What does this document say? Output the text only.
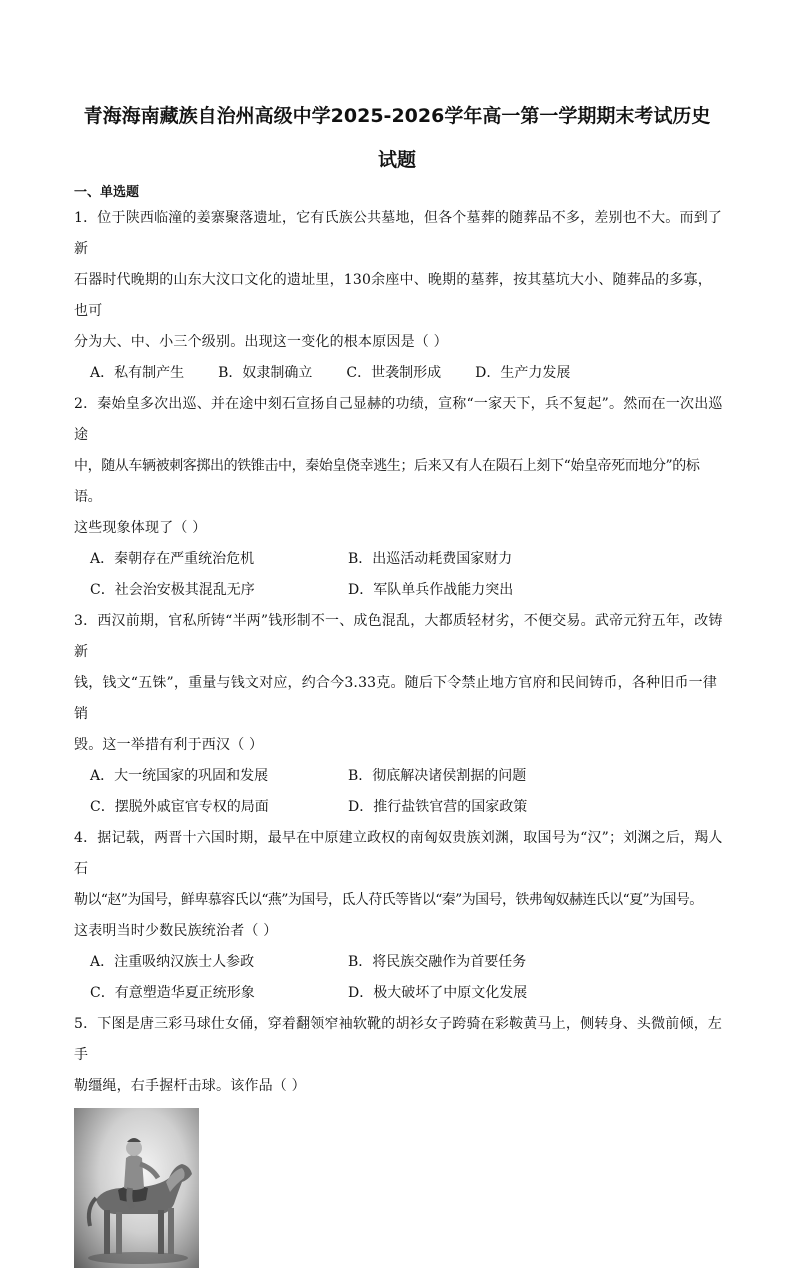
青海海南藏族自治州高级中学2025-2026学年高一第一学期期末考试历史
试题
一、单选题

1．位于陕西临潼的姜寨聚落遗址，它有氏族公共墓地，但各个墓葬的随葬品不多，差别也不大。而到了新

石器时代晚期的山东大汶口文化的遗址里，130余座中、晚期的墓葬，按其墓坑大小、随葬品的多寡，也可

分为大、中、小三个级别。出现这一变化的根本原因是（ ）

A．私有制产生 B．奴隶制确立 C．世袭制形成 D．生产力发展

2．秦始皇多次出巡、并在途中刻石宣扬自己显赫的功绩，宣称“一家天下，兵不复起”。然而在一次出巡途

中，随从车辆被刺客掷出的铁锥击中，秦始皇侥幸逃生；后来又有人在陨石上刻下“始皇帝死而地分”的标语。

这些现象体现了（ ）

A．秦朝存在严重统治危机	B．出巡活动耗费国家财力
C．社会治安极其混乱无序	D．军队单兵作战能力突出

3．西汉前期，官私所铸“半两”钱形制不一、成色混乱，大都质轻材劣，不便交易。武帝元狩五年，改铸新

钱，钱文“五铢”，重量与钱文对应，约合今3.33克。随后下令禁止地方官府和民间铸币，各种旧币一律销

毁。这一举措有利于西汉（ ）

A．大一统国家的巩固和发展	B．彻底解决诸侯割据的问题
C．摆脱外戚宦官专权的局面	D．推行盐铁官营的国家政策

4．据记载，两晋十六国时期，最早在中原建立政权的南匈奴贵族刘渊，取国号为“汉”；刘渊之后，羯人石

勒以“赵”为国号，鲜卑慕容氏以“燕”为国号，氐人苻氏等皆以“秦”为国号，铁弗匈奴赫连氏以“夏”为国号。

这表明当时少数民族统治者（ ）

A．注重吸纳汉族士人参政	B．将民族交融作为首要任务
C．有意塑造华夏正统形象	D．极大破坏了中原文化发展

5．下图是唐三彩马球仕女俑，穿着翻领窄袖软靴的胡衫女子跨骑在彩鞍黄马上，侧转身、头微前倾，左手

勒缰绳，右手握杆击球。该作品（ ）
